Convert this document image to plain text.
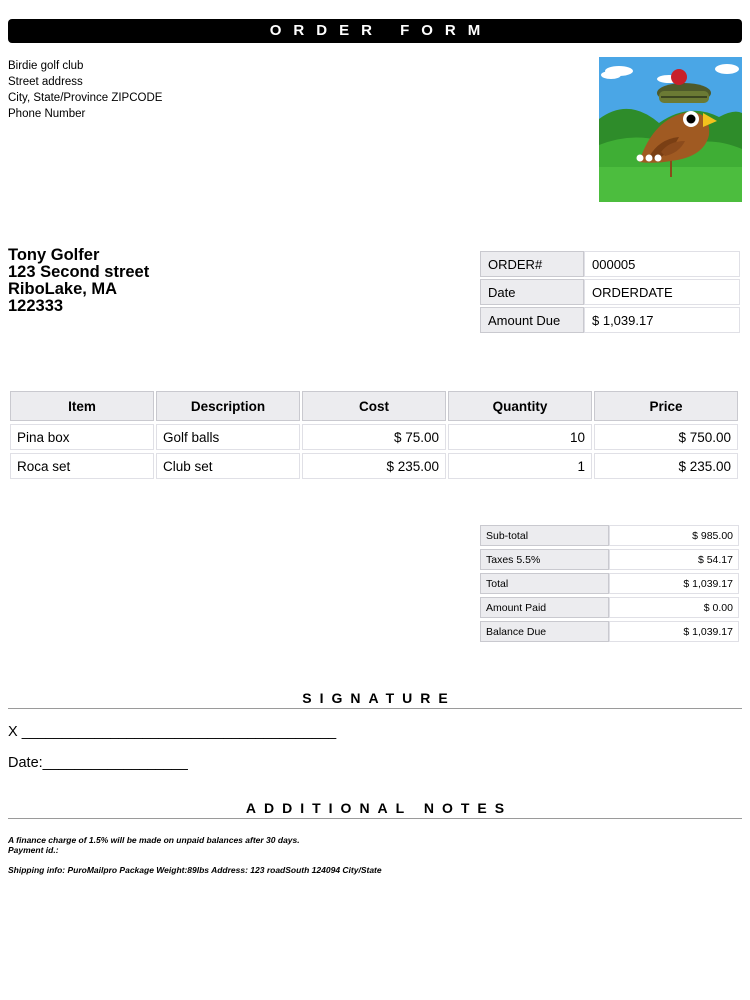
ORDER FORM
Birdie golf club
Street address
City, State/Province ZIPCODE
Phone Number
Tony Golfer
123 Second street
RiboLake, MA
122333
ORDER#	000005
Date	ORDERDATE
Amount Due	$ 1,039.17
Item	Description	Cost	Quantity	Price
Pina box	Golf balls	$ 75.00	10	$ 750.00
Roca set	Club set	$ 235.00	1	$ 235.00
Sub-total	$ 985.00
Taxes 5.5%	$ 54.17
Total	$ 1,039.17
Amount Paid	$ 0.00
Balance Due	$ 1,039.17
SIGNATURE
X _______________________________________
Date:__________________
ADDITIONAL NOTES
A finance charge of 1.5% will be made on unpaid balances after 30 days.
Payment id.:
Shipping info: PuroMailpro Package Weight:89lbs Address: 123 roadSouth 124094 City/State
